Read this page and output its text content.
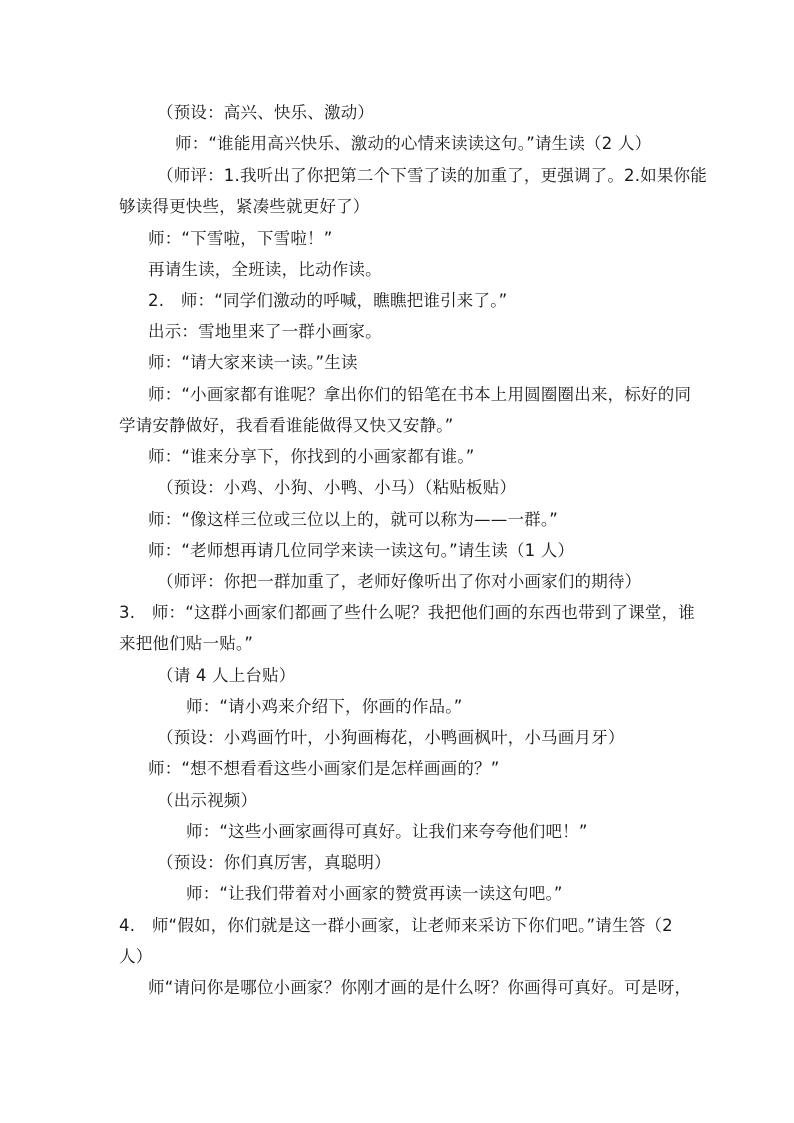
（预设：高兴、快乐、激动）
师：“谁能用高兴快乐、激动的心情来读读这句。”请生读（2 人）
（师评：1.我听出了你把第二个下雪了读的加重了，更强调了。2.如果你能
够读得更快些，紧凑些就更好了）
师：“下雪啦，下雪啦！”
再请生读，全班读，比动作读。
2.　师：“同学们激动的呼喊，瞧瞧把谁引来了。”
出示：雪地里来了一群小画家。
师：“请大家来读一读。”生读
师：“小画家都有谁呢？拿出你们的铅笔在书本上用圆圈圈出来，标好的同
学请安静做好，我看看谁能做得又快又安静。”
师：“谁来分享下，你找到的小画家都有谁。”
（预设：小鸡、小狗、小鸭、小马）（粘贴板贴）
师：“像这样三位或三位以上的，就可以称为——一群。”
师：“老师想再请几位同学来读一读这句。”请生读（1 人）
（师评：你把一群加重了，老师好像听出了你对小画家们的期待）
3.　师：“这群小画家们都画了些什么呢？我把他们画的东西也带到了课堂，谁
来把他们贴一贴。”
（请 4 人上台贴）
师：“请小鸡来介绍下，你画的作品。”
（预设：小鸡画竹叶，小狗画梅花，小鸭画枫叶，小马画月牙）
师：“想不想看看这些小画家们是怎样画画的？”
（出示视频）
师：“这些小画家画得可真好。让我们来夸夸他们吧！”
（预设：你们真厉害，真聪明）
师：“让我们带着对小画家的赞赏再读一读这句吧。”
4.　师“假如，你们就是这一群小画家，让老师来采访下你们吧。”请生答（2
人）
师“请问你是哪位小画家？你刚才画的是什么呀？你画得可真好。可是呀，
